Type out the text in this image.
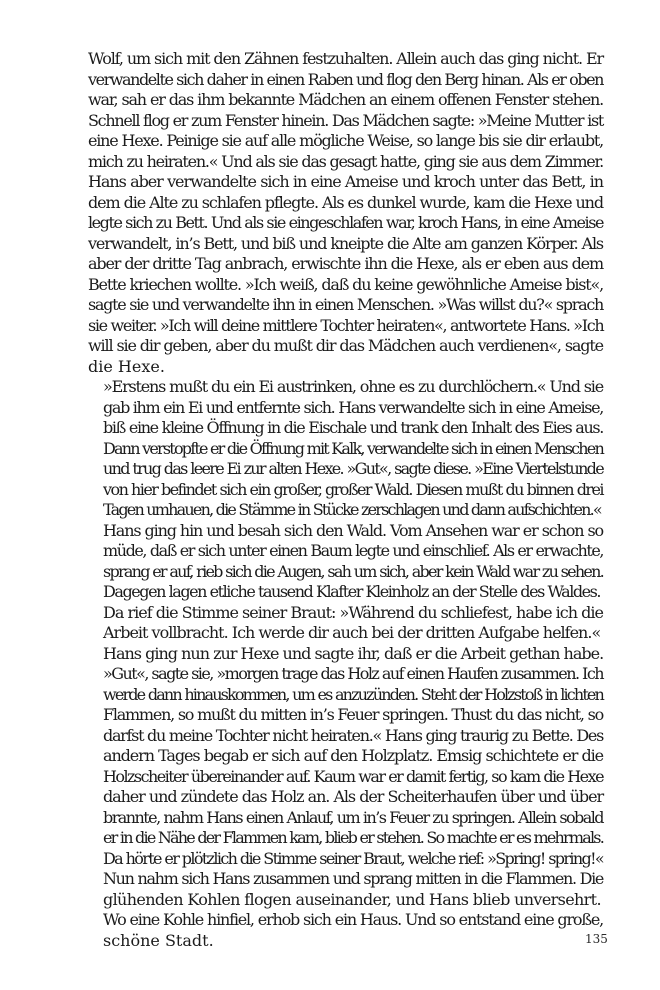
Wolf, um sich mit den Zähnen festzuhalten. Allein auch das ging nicht. Er
verwandelte sich daher in einen Raben und flog den Berg hinan. Als er oben
war, sah er das ihm bekannte Mädchen an einem offenen Fenster stehen.
Schnell flog er zum Fenster hinein. Das Mädchen sagte: »Meine Mutter ist
eine Hexe. Peinige sie auf alle mögliche Weise, so lange bis sie dir erlaubt,
mich zu heiraten.« Und als sie das gesagt hatte, ging sie aus dem Zimmer.
Hans aber verwandelte sich in eine Ameise und kroch unter das Bett, in
dem die Alte zu schlafen pflegte. Als es dunkel wurde, kam die Hexe und
legte sich zu Bett. Und als sie eingeschlafen war, kroch Hans, in eine Ameise
verwandelt, in’s Bett, und biß und kneipte die Alte am ganzen Körper. Als
aber der dritte Tag anbrach, erwischte ihn die Hexe, als er eben aus dem
Bette kriechen wollte. »Ich weiß, daß du keine gewöhnliche Ameise bist«,
sagte sie und verwandelte ihn in einen Menschen. »Was willst du?« sprach
sie weiter. »Ich will deine mittlere Tochter heiraten«, antwortete Hans. »Ich
will sie dir geben, aber du mußt dir das Mädchen auch verdienen«, sagte
die Hexe.

»Erstens mußt du ein Ei austrinken, ohne es zu durchlöchern.« Und sie
gab ihm ein Ei und entfernte sich. Hans verwandelte sich in eine Ameise,
biß eine kleine Öffnung in die Eischale und trank den Inhalt des Eies aus.
Dann verstopfte er die Öffnung mit Kalk, verwandelte sich in einen Menschen
und trug das leere Ei zur alten Hexe. »Gut«, sagte diese. »Eine Viertelstunde
von hier befindet sich ein großer, großer Wald. Diesen mußt du binnen drei
Tagen umhauen, die Stämme in Stücke zerschlagen und dann aufschichten.«

Hans ging hin und besah sich den Wald. Vom Ansehen war er schon so
müde, daß er sich unter einen Baum legte und einschlief. Als er erwachte,
sprang er auf, rieb sich die Augen, sah um sich, aber kein Wald war zu sehen.
Dagegen lagen etliche tausend Klafter Kleinholz an der Stelle des Waldes.

Da rief die Stimme seiner Braut: »Während du schliefest, habe ich die
Arbeit vollbracht. Ich werde dir auch bei der dritten Aufgabe helfen.«

Hans ging nun zur Hexe und sagte ihr, daß er die Arbeit gethan habe.
»Gut«, sagte sie, »morgen trage das Holz auf einen Haufen zusammen. Ich
werde dann hinauskommen, um es anzuzünden. Steht der Holzstoß in lichten
Flammen, so mußt du mitten in’s Feuer springen. Thust du das nicht, so
darfst du meine Tochter nicht heiraten.« Hans ging traurig zu Bette. Des
andern Tages begab er sich auf den Holzplatz. Emsig schichtete er die
Holzscheiter übereinander auf. Kaum war er damit fertig, so kam die Hexe
daher und zündete das Holz an. Als der Scheiterhaufen über und über
brannte, nahm Hans einen Anlauf, um in’s Feuer zu springen. Allein sobald
er in die Nähe der Flammen kam, blieb er stehen. So machte er es mehrmals.
Da hörte er plötzlich die Stimme seiner Braut, welche rief: »Spring! spring!«
Nun nahm sich Hans zusammen und sprang mitten in die Flammen. Die
glühenden Kohlen flogen auseinander, und Hans blieb unversehrt.

Wo eine Kohle hinfiel, erhob sich ein Haus. Und so entstand eine große,
schöne Stadt.	135
